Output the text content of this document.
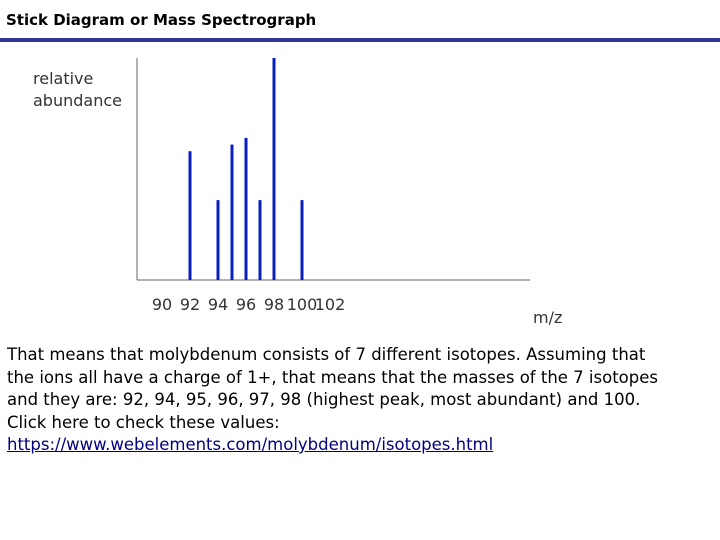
Stick Diagram or Mass Spectrograph
relative
abundance
90 92 94 96 98 100
102
m/z
That means that molybdenum consists of 7 different isotopes. Assuming that
the ions all have a charge of 1+, that means that the masses of the 7 isotopes
and they are: 92, 94, 95, 96, 97, 98 (highest peak, most abundant) and 100.
Click here to check these values:
https://www.webelements.com/molybdenum/isotopes.html
